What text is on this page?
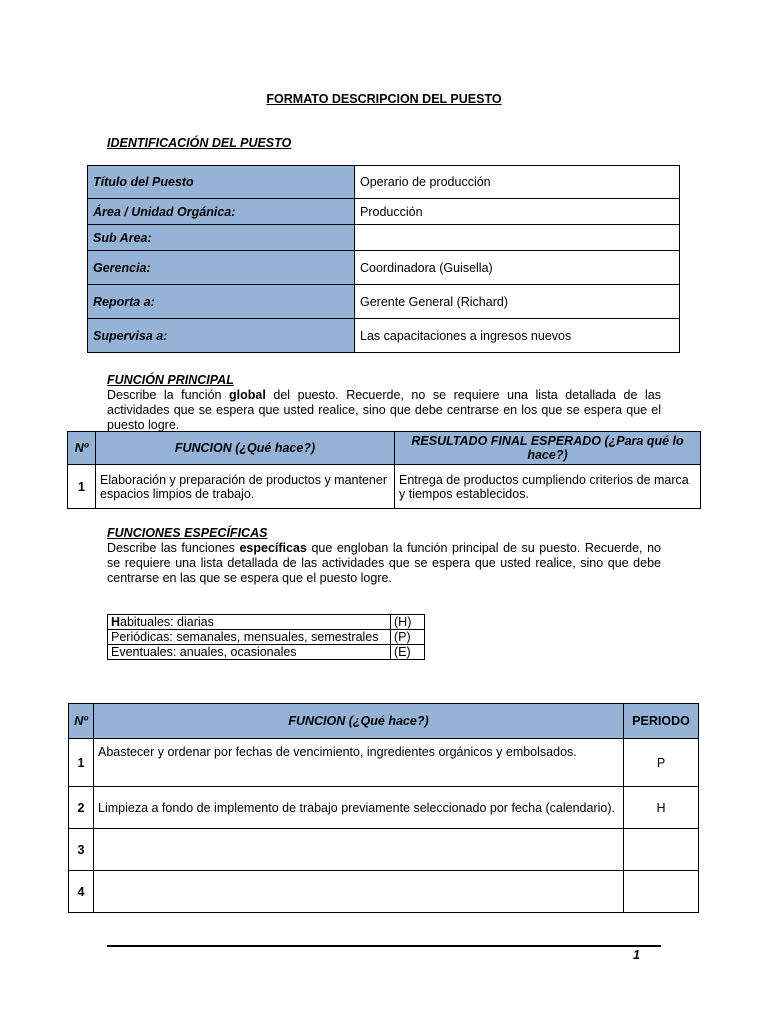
FORMATO DESCRIPCION DEL PUESTO
IDENTIFICACIÓN DEL PUESTO
Título del Puesto	Operario de producción
Área / Unidad Orgánica:	Producción
Sub Area:	
Gerencia:	Coordinadora (Guisella)
Reporta a:	Gerente General (Richard)
Supervisa a:	Las capacitaciones a ingresos nuevos
FUNCIÓN PRINCIPAL
Describe la función global del puesto. Recuerde, no se requiere una lista detallada de las actividades que se espera que usted realice, sino que debe centrarse en los que se espera que el puesto logre.
Nº	FUNCION (¿Qué hace?)	RESULTADO FINAL ESPERADO (¿Para qué lo hace?)
1	Elaboración y preparación de productos y mantener espacios limpios de trabajo.	Entrega de productos cumpliendo criterios de marca y tiempos establecidos.
FUNCIONES ESPECÍFICAS
Describe las funciones específicas que engloban la función principal de su puesto. Recuerde, no se requiere una lista detallada de las actividades que se espera que usted realice, sino que debe centrarse en las que se espera que el puesto logre.
Habituales: diarias	(H)
Periódicas: semanales, mensuales, semestrales	(P)
Eventuales: anuales, ocasionales	(E)
Nº	FUNCION (¿Qué hace?)	PERIODO
1	Abastecer y ordenar por fechas de vencimiento, ingredientes orgánicos y embolsados.	P
2	Limpieza a fondo de implemento de trabajo previamente seleccionado por fecha (calendario).	H
3		
4		
1
